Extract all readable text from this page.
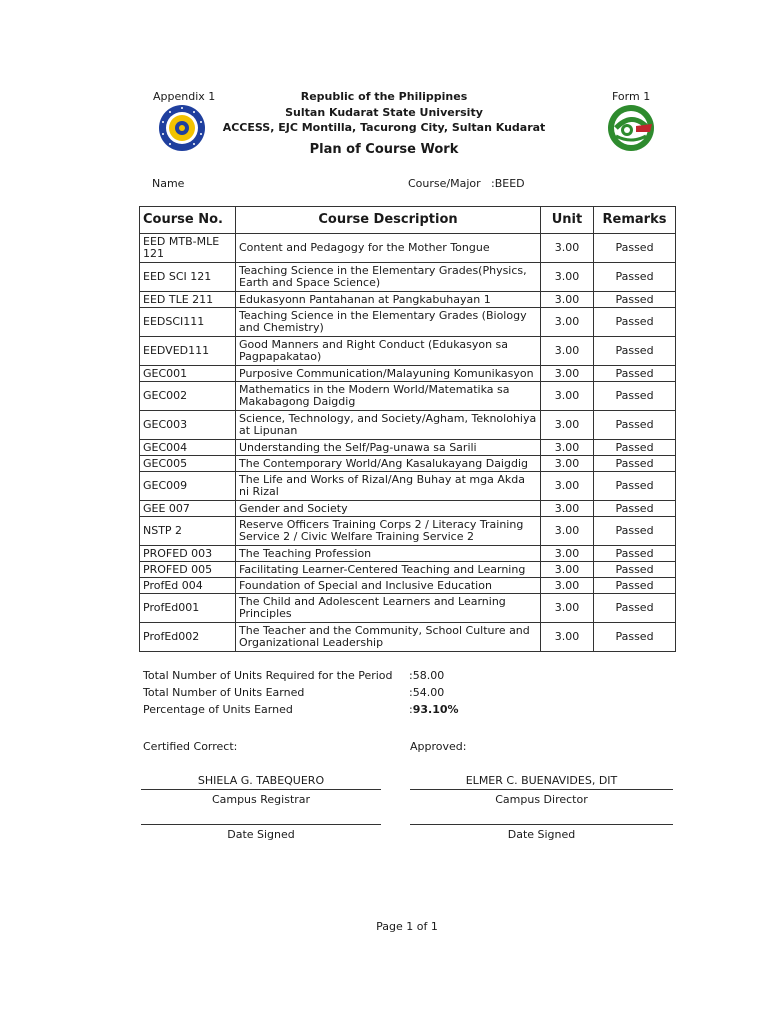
Appendix 1	Form 1
Republic of the Philippines
Sultan Kudarat State University
ACCESS, EJC Montilla, Tacurong City, Sultan Kudarat
Plan of Course Work
Name	Course/Major :BEED
Course No.	Course Description	Unit	Remarks
EED MTB-MLE 121	Content and Pedagogy for the Mother Tongue	3.00	Passed
EED SCI 121	Teaching Science in the Elementary Grades(Physics, Earth and Space Science)	3.00	Passed
EED TLE 211	Edukasyonn Pantahanan at Pangkabuhayan 1	3.00	Passed
EEDSCI111	Teaching Science in the Elementary Grades (Biology and Chemistry)	3.00	Passed
EEDVED111	Good Manners and Right Conduct (Edukasyon sa Pagpapakatao)	3.00	Passed
GEC001	Purposive Communication/Malayuning Komunikasyon	3.00	Passed
GEC002	Mathematics in the Modern World/Matematika sa Makabagong Daigdig	3.00	Passed
GEC003	Science, Technology, and Society/Agham, Teknolohiya at Lipunan	3.00	Passed
GEC004	Understanding the Self/Pag-unawa sa Sarili	3.00	Passed
GEC005	The Contemporary World/Ang Kasalukayang Daigdig	3.00	Passed
GEC009	The Life and Works of Rizal/Ang Buhay at mga Akda ni Rizal	3.00	Passed
GEE 007	Gender and Society	3.00	Passed
NSTP 2	Reserve Officers Training Corps 2 / Literacy Training Service 2 / Civic Welfare Training Service 2	3.00	Passed
PROFED 003	The Teaching Profession	3.00	Passed
PROFED 005	Facilitating Learner-Centered Teaching and Learning	3.00	Passed
ProfEd 004	Foundation of Special and Inclusive Education	3.00	Passed
ProfEd001	The Child and Adolescent Learners and Learning Principles	3.00	Passed
ProfEd002	The Teacher and the Community, School Culture and Organizational Leadership	3.00	Passed
Total Number of Units Required for the Period :58.00
Total Number of Units Earned	:54.00
Percentage of Units Earned	:93.10%
Certified Correct:	Approved:
SHIELA G. TABEQUERO
Campus Registrar
ELMER C. BUENAVIDES, DIT
Campus Director
Date Signed	Date Signed
Page 1 of 1
